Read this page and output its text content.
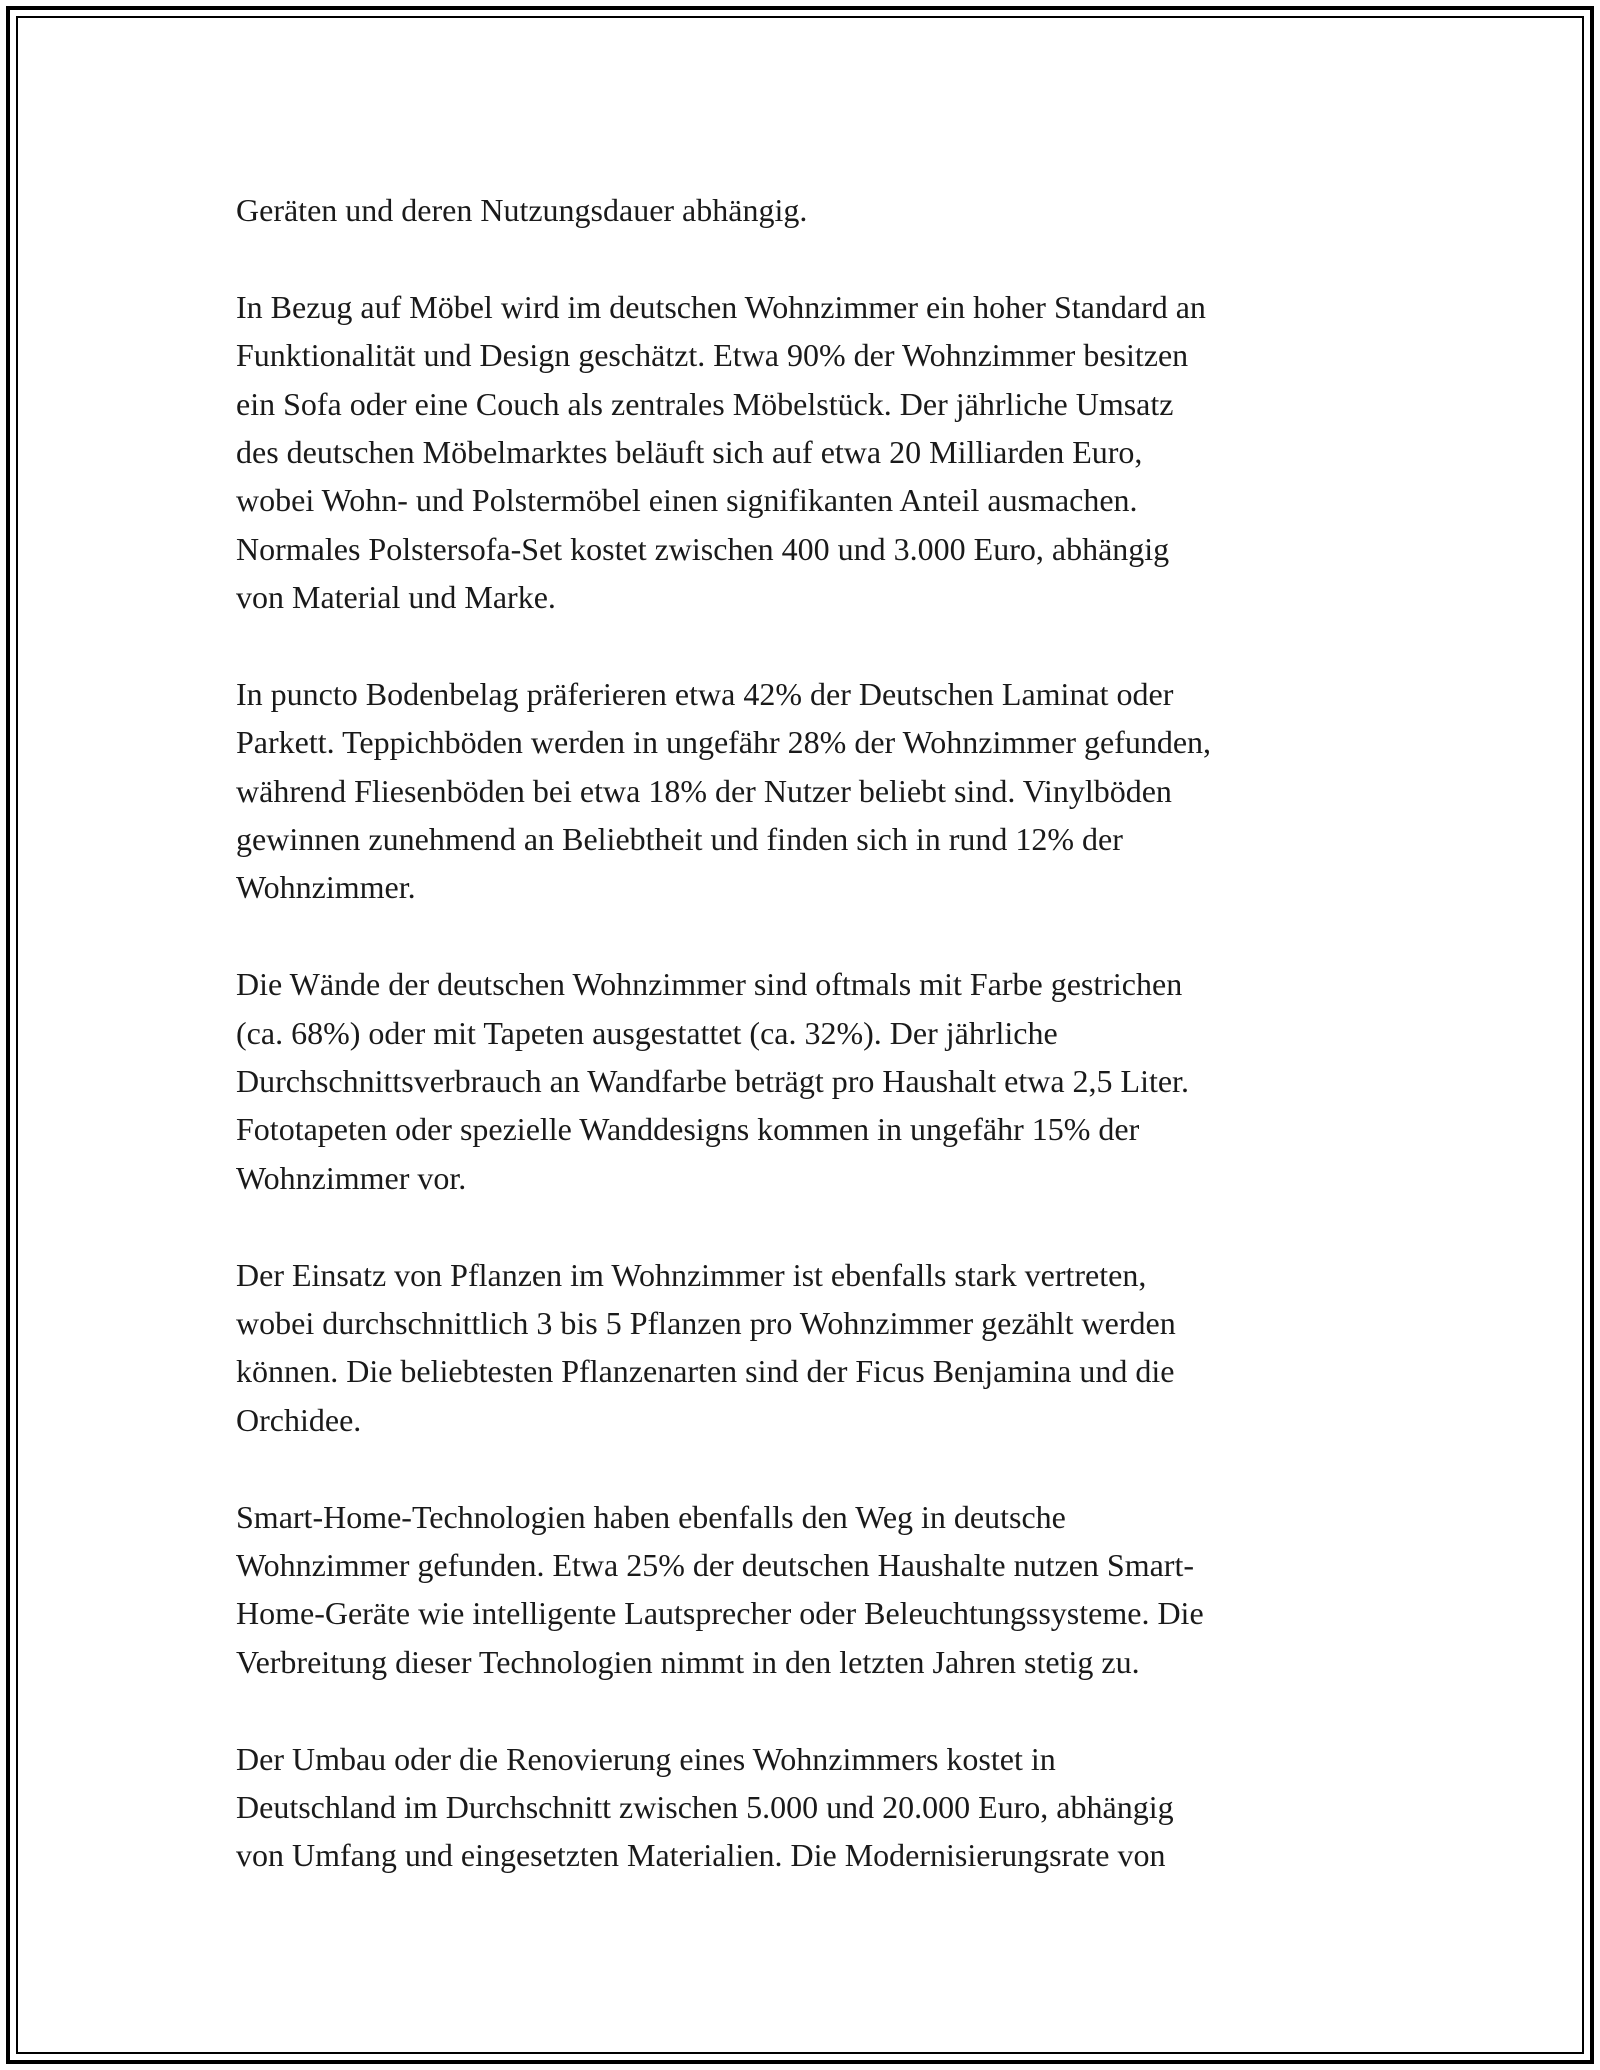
Geräten und deren Nutzungsdauer abhängig.

In Bezug auf Möbel wird im deutschen Wohnzimmer ein hoher Standard an
Funktionalität und Design geschätzt. Etwa 90% der Wohnzimmer besitzen
ein Sofa oder eine Couch als zentrales Möbelstück. Der jährliche Umsatz
des deutschen Möbelmarktes beläuft sich auf etwa 20 Milliarden Euro,
wobei Wohn- und Polstermöbel einen signifikanten Anteil ausmachen.
Normales Polstersofa-Set kostet zwischen 400 und 3.000 Euro, abhängig
von Material und Marke.

In puncto Bodenbelag präferieren etwa 42% der Deutschen Laminat oder
Parkett. Teppichböden werden in ungefähr 28% der Wohnzimmer gefunden,
während Fliesenböden bei etwa 18% der Nutzer beliebt sind. Vinylböden
gewinnen zunehmend an Beliebtheit und finden sich in rund 12% der
Wohnzimmer.

Die Wände der deutschen Wohnzimmer sind oftmals mit Farbe gestrichen
(ca. 68%) oder mit Tapeten ausgestattet (ca. 32%). Der jährliche
Durchschnittsverbrauch an Wandfarbe beträgt pro Haushalt etwa 2,5 Liter.
Fototapeten oder spezielle Wanddesigns kommen in ungefähr 15% der
Wohnzimmer vor.

Der Einsatz von Pflanzen im Wohnzimmer ist ebenfalls stark vertreten,
wobei durchschnittlich 3 bis 5 Pflanzen pro Wohnzimmer gezählt werden
können. Die beliebtesten Pflanzenarten sind der Ficus Benjamina und die
Orchidee.

Smart-Home-Technologien haben ebenfalls den Weg in deutsche
Wohnzimmer gefunden. Etwa 25% der deutschen Haushalte nutzen Smart-
Home-Geräte wie intelligente Lautsprecher oder Beleuchtungssysteme. Die
Verbreitung dieser Technologien nimmt in den letzten Jahren stetig zu.

Der Umbau oder die Renovierung eines Wohnzimmers kostet in
Deutschland im Durchschnitt zwischen 5.000 und 20.000 Euro, abhängig
von Umfang und eingesetzten Materialien. Die Modernisierungsrate von
